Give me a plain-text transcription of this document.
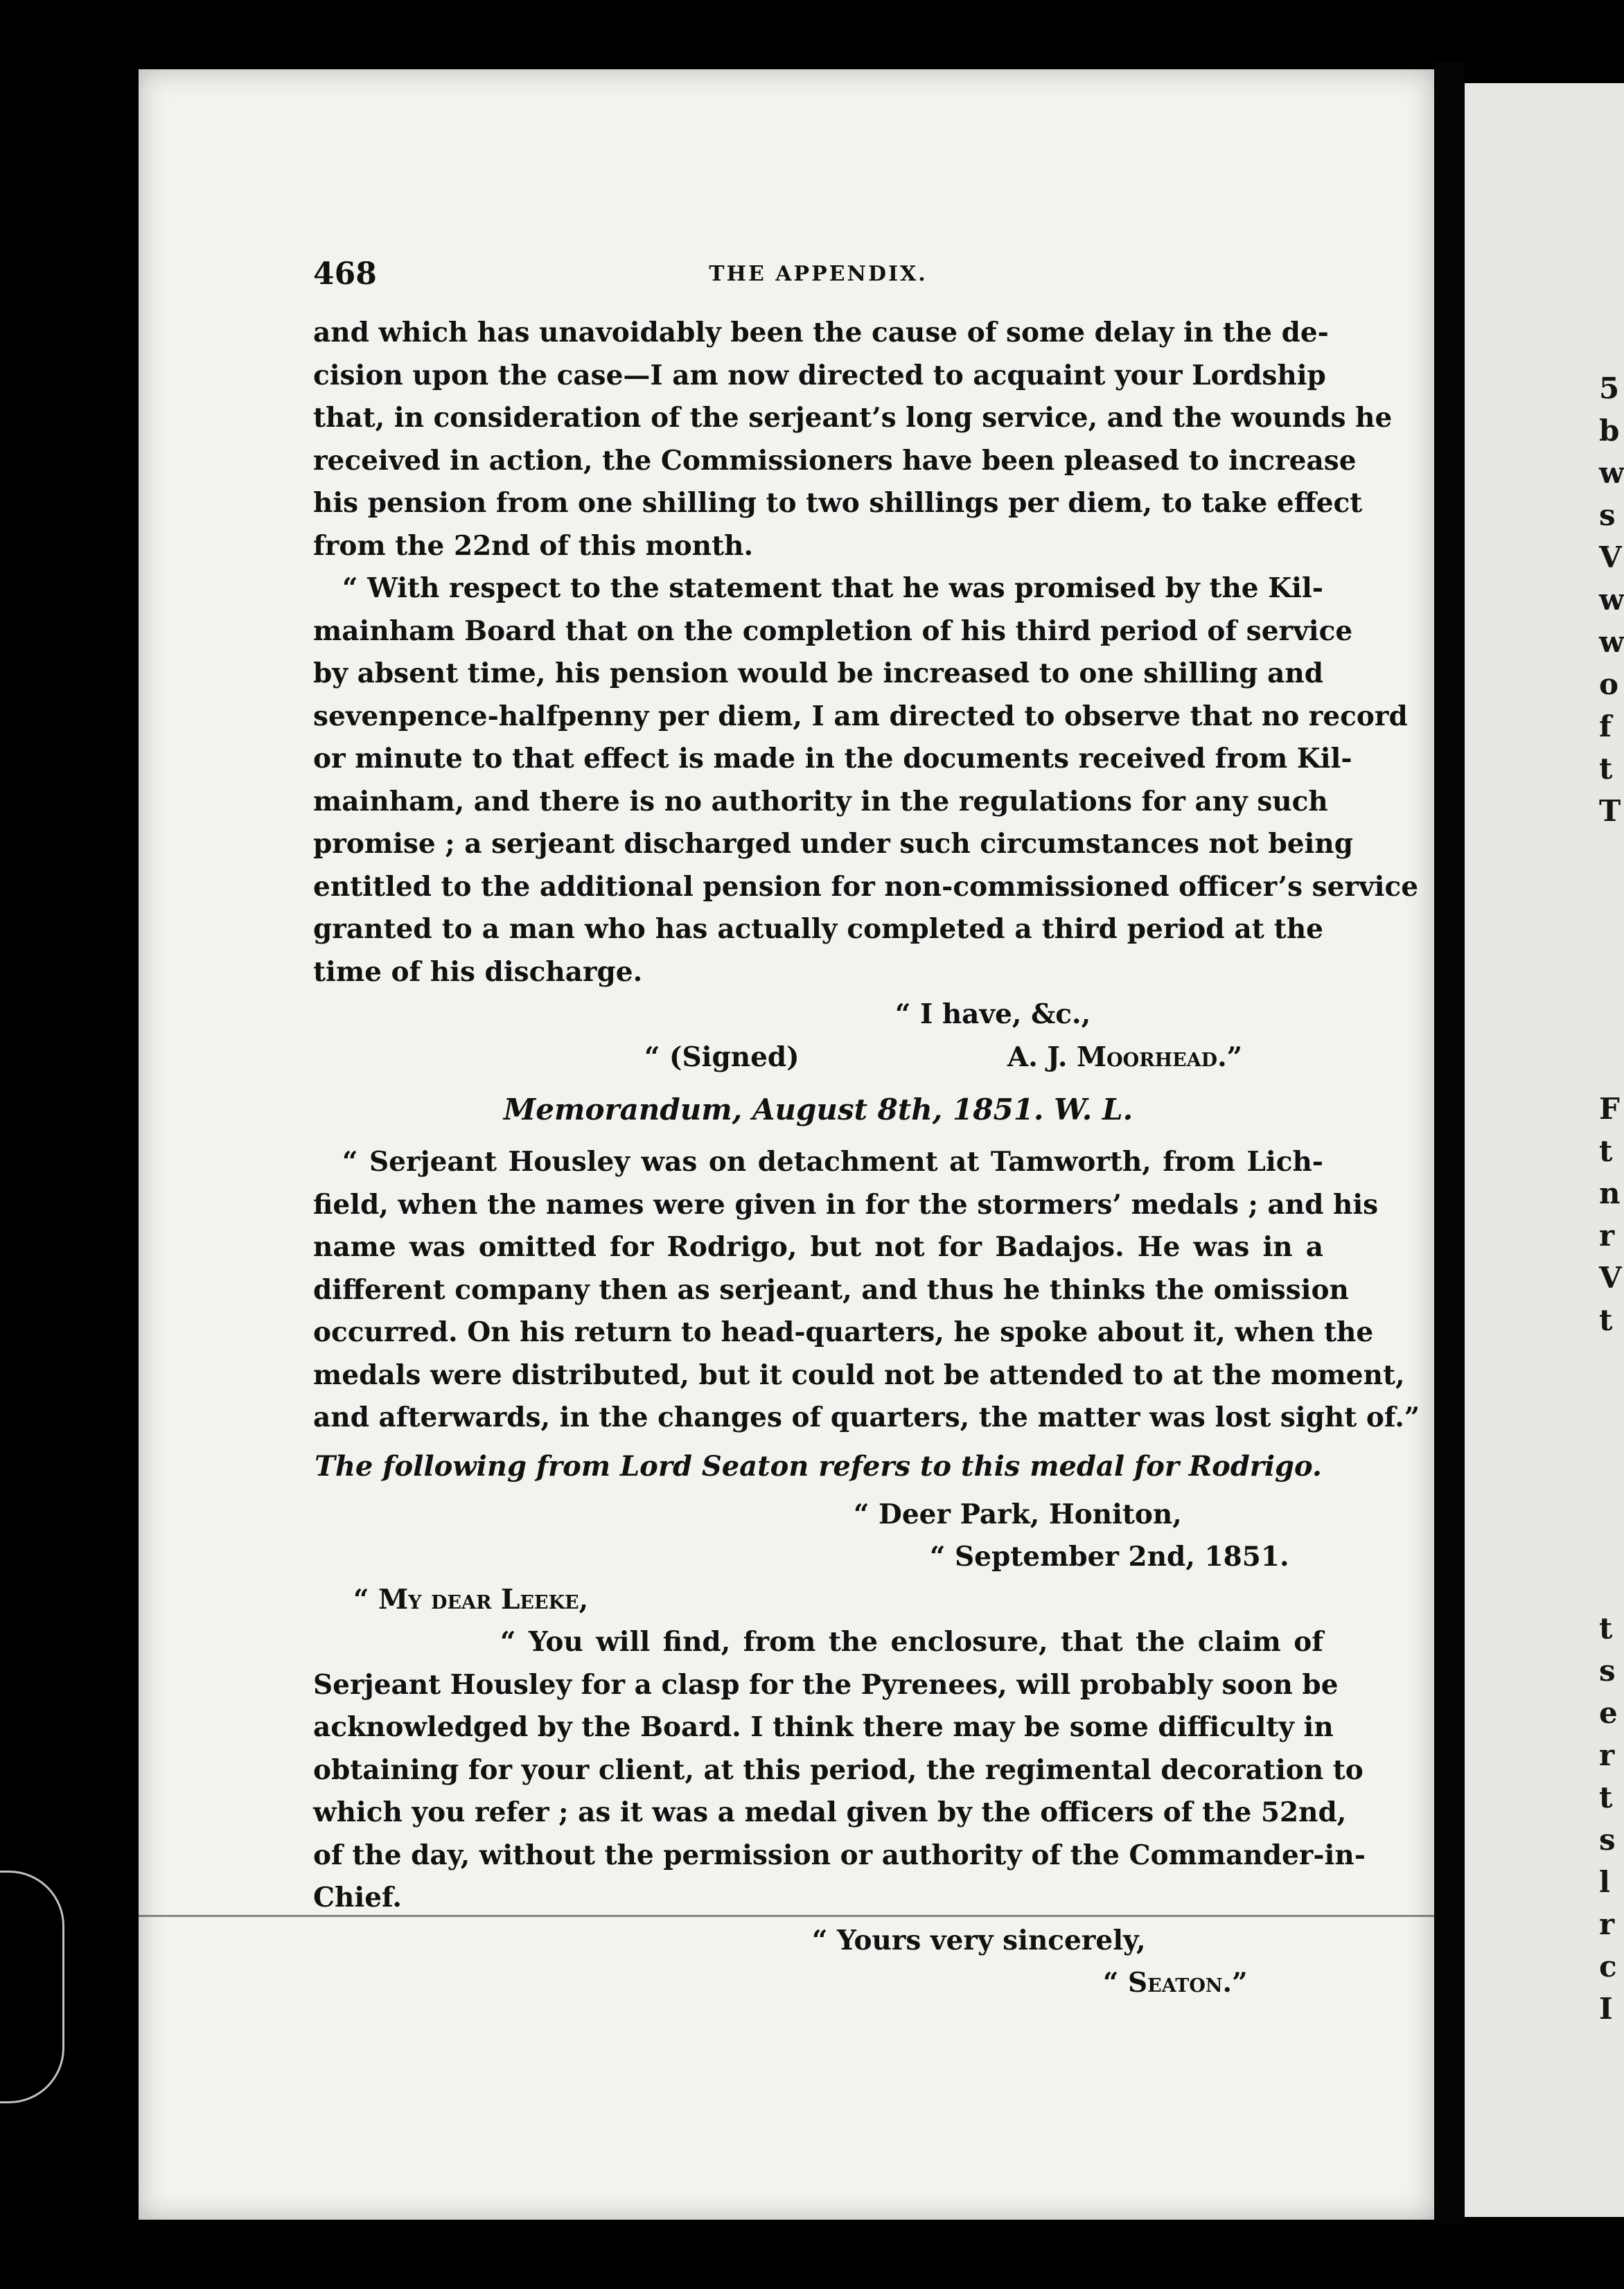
5
b
w
s
V
w
w
o
f
t
T
F
t
n
r
V
t
t
s
e
r
t
s
l
r
c
I
468	THE APPENDIX.
and which has unavoidably been the cause of some delay in the de-
cision upon the case—I am now directed to acquaint your Lordship
that, in consideration of the serjeant’s long service, and the wounds he
received in action, the Commissioners have been pleased to increase
his pension from one shilling to two shillings per diem, to take effect
from the 22nd of this month.
“ With respect to the statement that he was promised by the Kil-
mainham Board that on the completion of his third period of service
by absent time, his pension would be increased to one shilling and
sevenpence-halfpenny per diem, I am directed to observe that no record
or minute to that effect is made in the documents received from Kil-
mainham, and there is no authority in the regulations for any such
promise ; a serjeant discharged under such circumstances not being
entitled to the additional pension for non-commissioned officer’s service
granted to a man who has actually completed a third period at the
time of his discharge.
“ I have, &c.,
“ (Signed)	A. J. Moorhead.”
Memorandum, August 8th, 1851. W. L.
“ Serjeant Housley was on detachment at Tamworth, from Lich-
field, when the names were given in for the stormers’ medals ; and his
name was omitted for Rodrigo, but not for Badajos. He was in a
different company then as serjeant, and thus he thinks the omission
occurred. On his return to head-quarters, he spoke about it, when the
medals were distributed, but it could not be attended to at the moment,
and afterwards, in the changes of quarters, the matter was lost sight of.”
The following from Lord Seaton refers to this medal for Rodrigo.
“ Deer Park, Honiton,
“ September 2nd, 1851.
“ My dear Leeke,
“ You will find, from the enclosure, that the claim of
Serjeant Housley for a clasp for the Pyrenees, will probably soon be
acknowledged by the Board. I think there may be some difficulty in
obtaining for your client, at this period, the regimental decoration to
which you refer ; as it was a medal given by the officers of the 52nd,
of the day, without the permission or authority of the Commander-in-
Chief.
“ Yours very sincerely,
“ Seaton.”
